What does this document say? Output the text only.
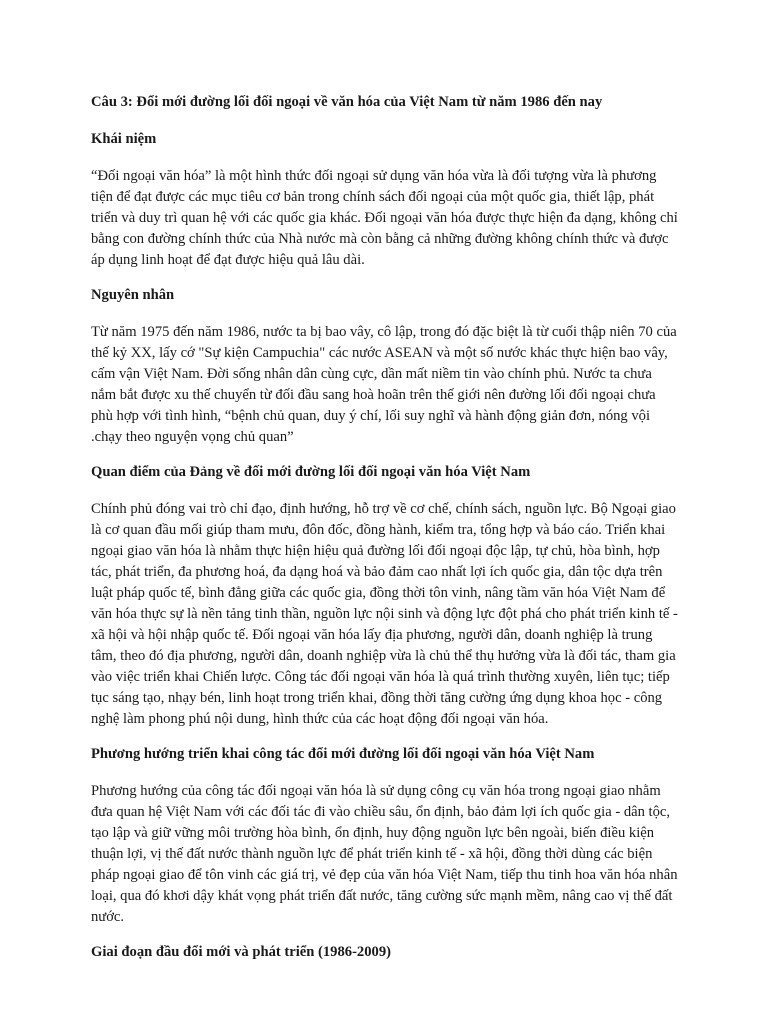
Câu 3: Đổi mới đường lối đối ngoại về văn hóa của Việt Nam từ năm 1986 đến nay
Khái niệm

“Đối ngoại văn hóa” là một hình thức đối ngoại sử dụng văn hóa vừa là đối tượng vừa là phương tiện để đạt được các mục tiêu cơ bản trong chính sách đối ngoại của một quốc gia, thiết lập, phát triển và duy trì quan hệ với các quốc gia khác. Đối ngoại văn hóa được thực hiện đa dạng, không chỉ bằng con đường chính thức của Nhà nước mà còn bằng cả những đường không chính thức và được áp dụng linh hoạt để đạt được hiệu quả lâu dài.

Nguyên nhân

Từ năm 1975 đến năm 1986, nước ta bị bao vây, cô lập, trong đó đặc biệt là từ cuối thập niên 70 của thế kỷ XX, lấy cớ "Sự kiện Campuchia" các nước ASEAN và một số nước khác thực hiện bao vây, cấm vận Việt Nam. Đời sống nhân dân cùng cực, dần mất niềm tin vào chính phủ. Nước ta chưa nắm bắt được xu thế chuyển từ đối đầu sang hoà hoãn trên thế giới nên đường lối đối ngoại chưa phù hợp với tình hình, “bệnh chủ quan, duy ý chí, lối suy nghĩ và hành động giản đơn, nóng vội .chạy theo nguyện vọng chủ quan”

Quan điểm của Đảng về đối mới đường lối đối ngoại văn hóa Việt Nam

Chính phủ đóng vai trò chỉ đạo, định hướng, hỗ trợ về cơ chế, chính sách, nguồn lực. Bộ Ngoại giao là cơ quan đầu mối giúp tham mưu, đôn đốc, đồng hành, kiểm tra, tổng hợp và báo cáo. Triển khai ngoại giao văn hóa là nhằm thực hiện hiệu quả đường lối đối ngoại độc lập, tự chủ, hòa bình, hợp tác, phát triển, đa phương hoá, đa dạng hoá và bảo đảm cao nhất lợi ích quốc gia, dân tộc dựa trên luật pháp quốc tế, bình đẳng giữa các quốc gia, đồng thời tôn vinh, nâng tầm văn hóa Việt Nam để văn hóa thực sự là nền tảng tinh thần, nguồn lực nội sinh và động lực đột phá cho phát triển kinh tế - xã hội và hội nhập quốc tế. Đối ngoại văn hóa lấy địa phương, người dân, doanh nghiệp là trung tâm, theo đó địa phương, người dân, doanh nghiệp vừa là chủ thể thụ hưởng vừa là đối tác, tham gia vào việc triển khai Chiến lược. Công tác đối ngoại văn hóa là quá trình thường xuyên, liên tục; tiếp tục sáng tạo, nhạy bén, linh hoạt trong triển khai, đồng thời tăng cường ứng dụng khoa học - công nghệ làm phong phú nội dung, hình thức của các hoạt động đối ngoại văn hóa.

Phương hướng triển khai công tác đổi mới đường lối đối ngoại văn hóa Việt Nam

Phương hướng của công tác đối ngoại văn hóa là sử dụng công cụ văn hóa trong ngoại giao nhằm đưa quan hệ Việt Nam với các đối tác đi vào chiều sâu, ổn định, bảo đảm lợi ích quốc gia - dân tộc, tạo lập và giữ vững môi trường hòa bình, ổn định, huy động nguồn lực bên ngoài, biến điều kiện thuận lợi, vị thế đất nước thành nguồn lực để phát triển kinh tế - xã hội, đồng thời dùng các biện pháp ngoại giao để tôn vinh các giá trị, vẻ đẹp của văn hóa Việt Nam, tiếp thu tinh hoa văn hóa nhân loại, qua đó khơi dậy khát vọng phát triển đất nước, tăng cường sức mạnh mềm, nâng cao vị thế đất nước.

Giai đoạn đầu đổi mới và phát triển (1986-2009)
